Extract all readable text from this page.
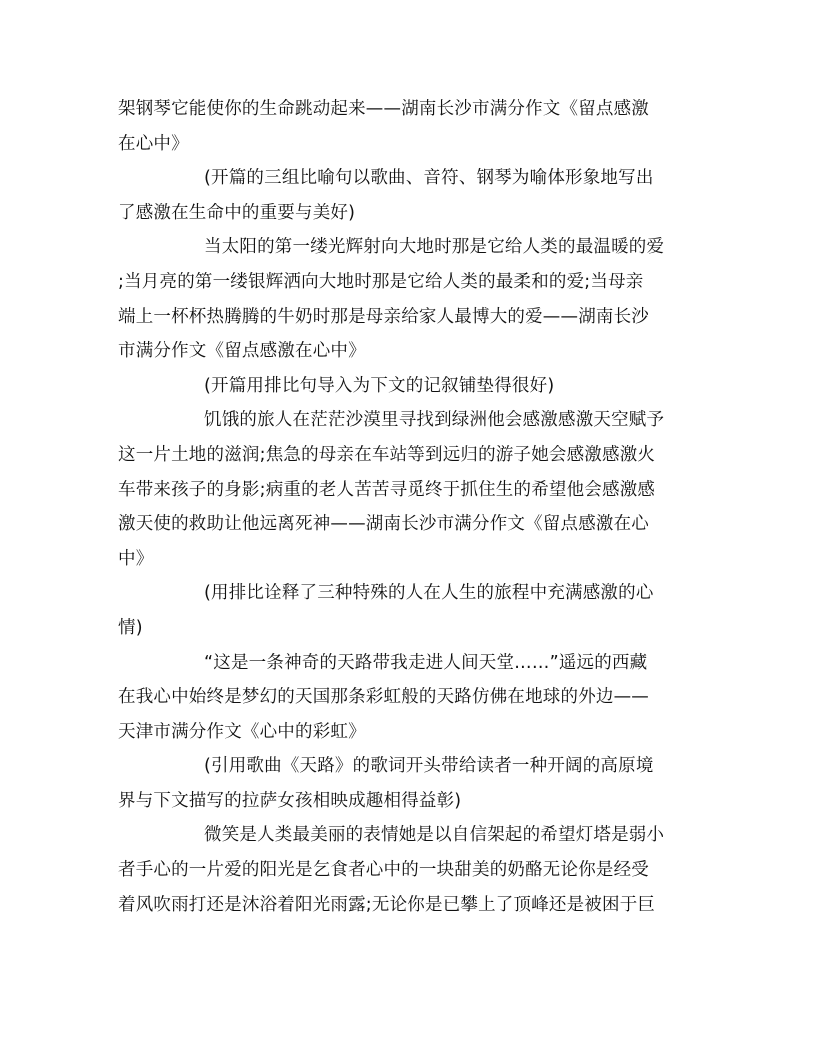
架钢琴它能使你的生命跳动起来——湖南长沙市满分作文《留点感激
在心中》
(开篇的三组比喻句以歌曲、音符、钢琴为喻体形象地写出
了感激在生命中的重要与美好)
当太阳的第一缕光辉射向大地时那是它给人类的最温暖的爱
;当月亮的第一缕银辉洒向大地时那是它给人类的最柔和的爱;当母亲
端上一杯杯热腾腾的牛奶时那是母亲给家人最博大的爱——湖南长沙
市满分作文《留点感激在心中》
(开篇用排比句导入为下文的记叙铺垫得很好)
饥饿的旅人在茫茫沙漠里寻找到绿洲他会感激感激天空赋予
这一片土地的滋润;焦急的母亲在车站等到远归的游子她会感激感激火
车带来孩子的身影;病重的老人苦苦寻觅终于抓住生的希望他会感激感
激天使的救助让他远离死神——湖南长沙市满分作文《留点感激在心
中》
(用排比诠释了三种特殊的人在人生的旅程中充满感激的心
情)
“这是一条神奇的天路带我走进人间天堂……”遥远的西藏
在我心中始终是梦幻的天国那条彩虹般的天路仿佛在地球的外边——
天津市满分作文《心中的彩虹》
(引用歌曲《天路》的歌词开头带给读者一种开阔的高原境
界与下文描写的拉萨女孩相映成趣相得益彰)
微笑是人类最美丽的表情她是以自信架起的希望灯塔是弱小
者手心的一片爱的阳光是乞食者心中的一块甜美的奶酪无论你是经受
着风吹雨打还是沐浴着阳光雨露;无论你是已攀上了顶峰还是被困于巨
